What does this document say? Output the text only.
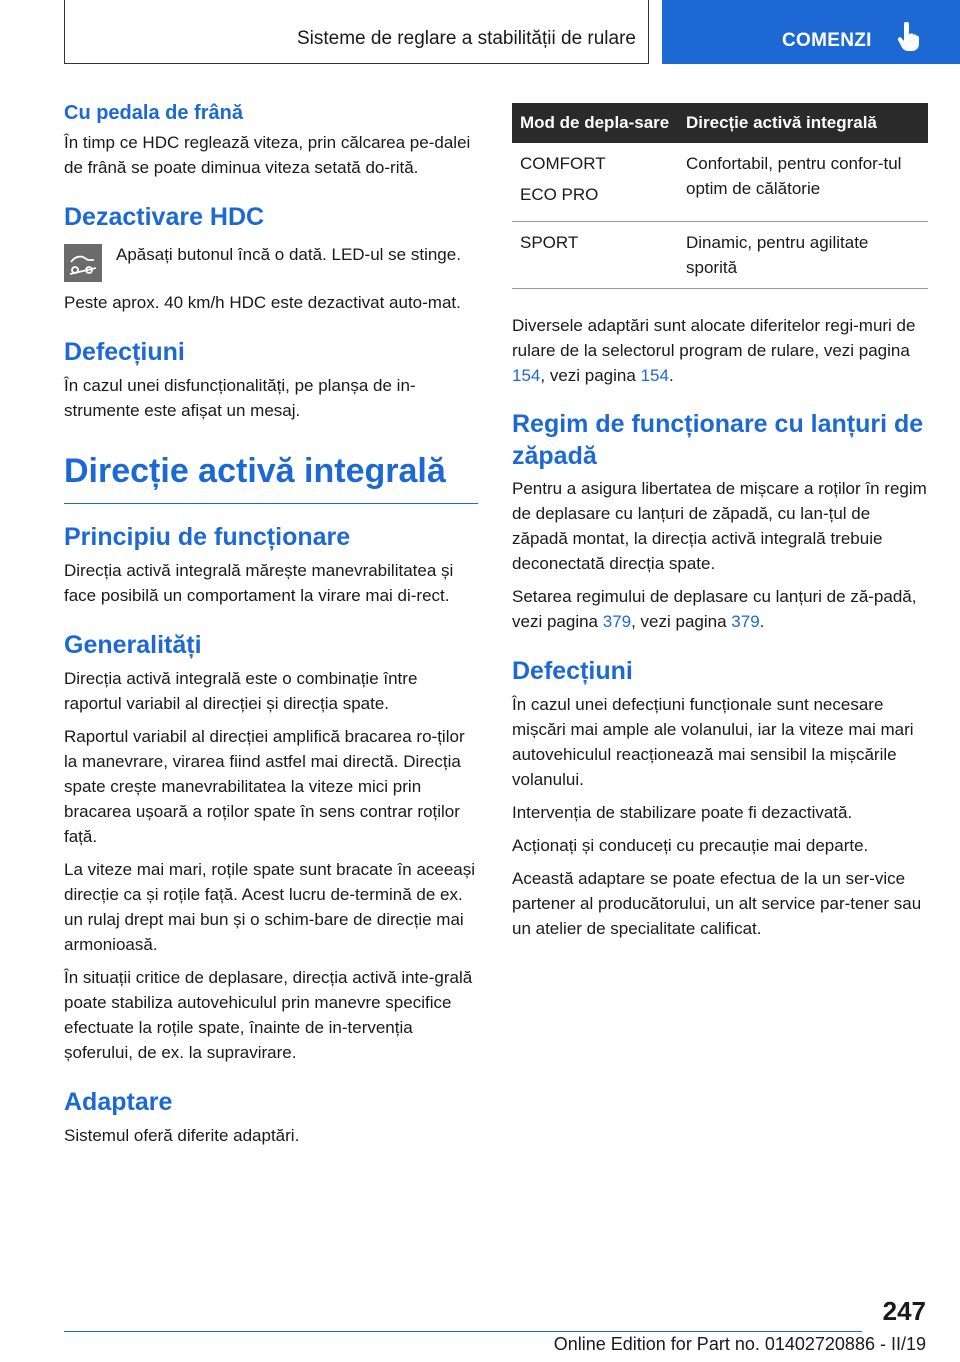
Sisteme de reglare a stabilității de rulare	COMENZI
Cu pedala de frână

În timp ce HDC reglează viteza, prin călcarea pe-dalei de frână se poate diminua viteza setată do-rită.

Dezactivare HDC

Apăsați butonul încă o dată. LED-ul se stinge.

Peste aprox. 40 km/h HDC este dezactivat auto-mat.

Defecțiuni

În cazul unei disfuncționalități, pe planșa de in-strumente este afișat un mesaj.

Direcție activă integrală
Principiu de funcționare

Direcția activă integrală mărește manevrabilitatea și face posibilă un comportament la virare mai di-rect.

Generalități

Direcția activă integrală este o combinație între raportul variabil al direcției și direcția spate.

Raportul variabil al direcției amplifică bracarea ro-ților la manevrare, virarea fiind astfel mai directă. Direcția spate crește manevrabilitatea la viteze mici prin bracarea ușoară a roților spate în sens contrar roților față.

La viteze mai mari, roțile spate sunt bracate în aceeași direcție ca și roțile față. Acest lucru de-termină de ex. un rulaj drept mai bun și o schim-bare de direcție mai armonioasă.

În situații critice de deplasare, direcția activă inte-grală poate stabiliza autovehiculul prin manevre specifice efectuate la roțile spate, înainte de in-tervenția șoferului, de ex. la supravirare.

Adaptare

Sistemul oferă diferite adaptări.

Mod de depla-sare	Direcție activă integrală

COMFORT
ECO PRO	Confortabil, pentru confor-tul optim de călătorie

SPORT	Dinamic, pentru agilitate sporită

Diversele adaptări sunt alocate diferitelor regi-muri de rulare de la selectorul program de rulare, vezi pagina 154, vezi pagina 154.

Regim de funcționare cu lanțuri de zăpadă

Pentru a asigura libertatea de mișcare a roților în regim de deplasare cu lanțuri de zăpadă, cu lan-țul de zăpadă montat, la direcția activă integrală trebuie deconectată direcția spate.

Setarea regimului de deplasare cu lanțuri de ză-padă, vezi pagina 379, vezi pagina 379.

Defecțiuni

În cazul unei defecțiuni funcționale sunt necesare mișcări mai ample ale volanului, iar la viteze mai mari autovehiculul reacționează mai sensibil la mișcările volanului.

Intervenția de stabilizare poate fi dezactivată.

Acționați și conduceți cu precauție mai departe.

Această adaptare se poate efectua de la un ser-vice partener al producătorului, un alt service par-tener sau un atelier de specialitate calificat.

247
Online Edition for Part no. 01402720886 - II/19
